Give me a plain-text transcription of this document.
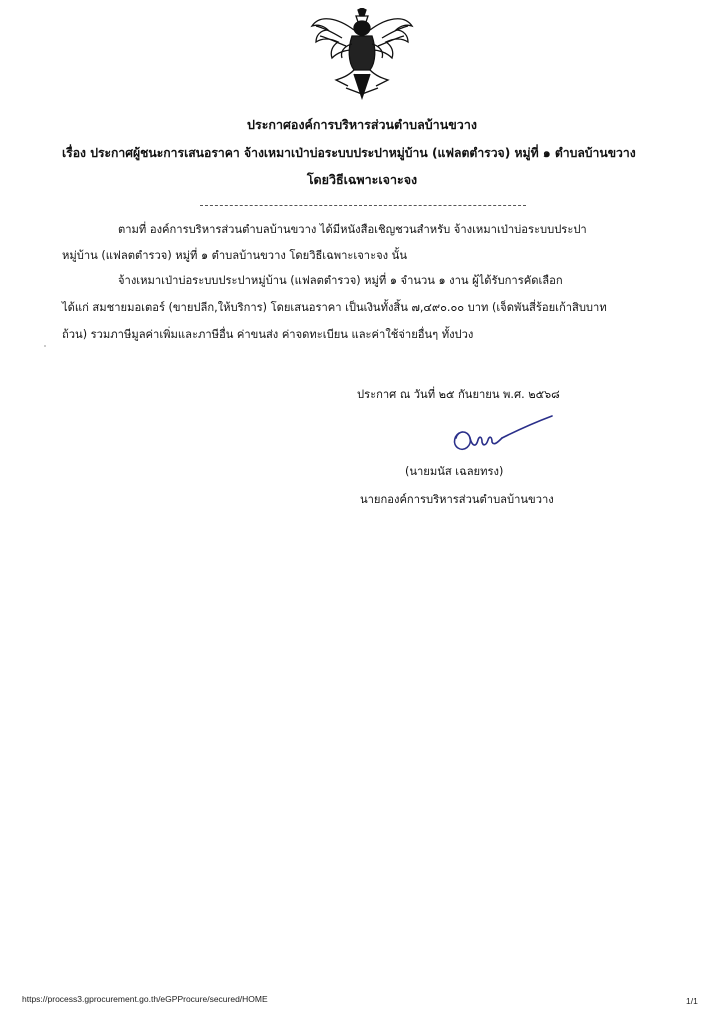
ประกาศองค์การบริหารส่วนตำบลบ้านขวาง
เรื่อง ประกาศผู้ชนะการเสนอราคา จ้างเหมาเป่าบ่อระบบประปาหมู่บ้าน (แฟลตตำรวจ) หมู่ที่ ๑ ตำบลบ้านขวาง
โดยวิธีเฉพาะเจาะจง
ตามที่ องค์การบริหารส่วนตำบลบ้านขวาง ได้มีหนังสือเชิญชวนสำหรับ จ้างเหมาเป่าบ่อระบบประปา
หมู่บ้าน (แฟลตตำรวจ) หมู่ที่ ๑ ตำบลบ้านขวาง โดยวิธีเฉพาะเจาะจง นั้น
จ้างเหมาเป่าบ่อระบบประปาหมู่บ้าน (แฟลตตำรวจ) หมู่ที่ ๑ จำนวน ๑ งาน ผู้ได้รับการคัดเลือก
ได้แก่ สมชายมอเตอร์ (ขายปลีก,ให้บริการ) โดยเสนอราคา เป็นเงินทั้งสิ้น ๗,๔๙๐.๐๐ บาท (เจ็ดพันสี่ร้อยเก้าสิบบาท
ถ้วน) รวมภาษีมูลค่าเพิ่มและภาษีอื่น ค่าขนส่ง ค่าจดทะเบียน และค่าใช้จ่ายอื่นๆ ทั้งปวง
ประกาศ ณ วันที่ ๒๕ กันยายน พ.ศ. ๒๕๖๘
(นายมนัส เฉลยทรง)
นายกองค์การบริหารส่วนตำบลบ้านขวาง
https://process3.gprocurement.go.th/eGPProcure/secured/HOME	1/1
